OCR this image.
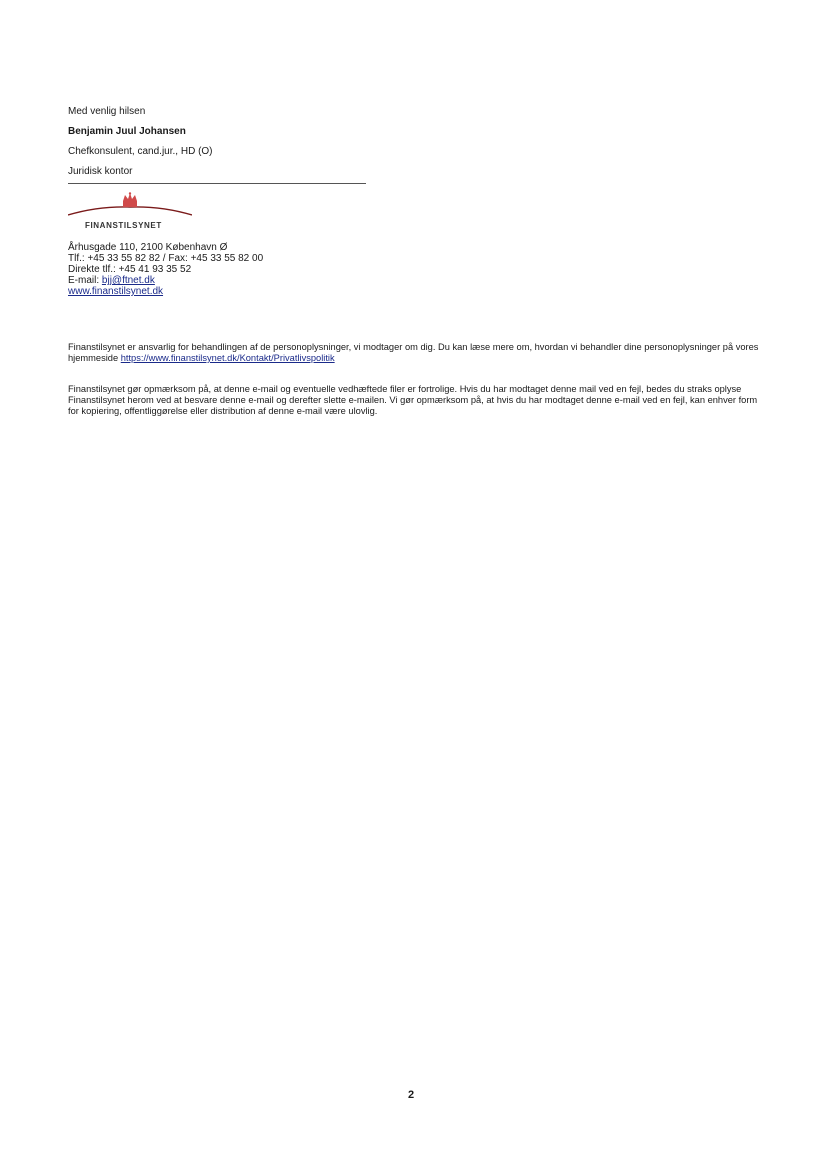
Med venlig hilsen
Benjamin Juul Johansen
Chefkonsulent, cand.jur., HD (O)
Juridisk kontor
FINANSTILSYNET
Århusgade 110, 2100 København Ø
Tlf.: +45 33 55 82 82 / Fax: +45 33 55 82 00
Direkte tlf.: +45 41 93 35 52
E-mail: bjj@ftnet.dk
www.finanstilsynet.dk
Finanstilsynet er ansvarlig for behandlingen af de personoplysninger, vi modtager om dig. Du kan læse mere om, hvordan vi behandler dine personoplysninger på vores hjemmeside https://www.finanstilsynet.dk/Kontakt/Privatlivspolitik
Finanstilsynet gør opmærksom på, at denne e-mail og eventuelle vedhæftede filer er fortrolige. Hvis du har modtaget denne mail ved en fejl, bedes du straks oplyse Finanstilsynet herom ved at besvare denne e-mail og derefter slette e-mailen. Vi gør opmærksom på, at hvis du har modtaget denne e-mail ved en fejl, kan enhver form for kopiering, offentliggørelse eller distribution af denne e-mail være ulovlig.
2
